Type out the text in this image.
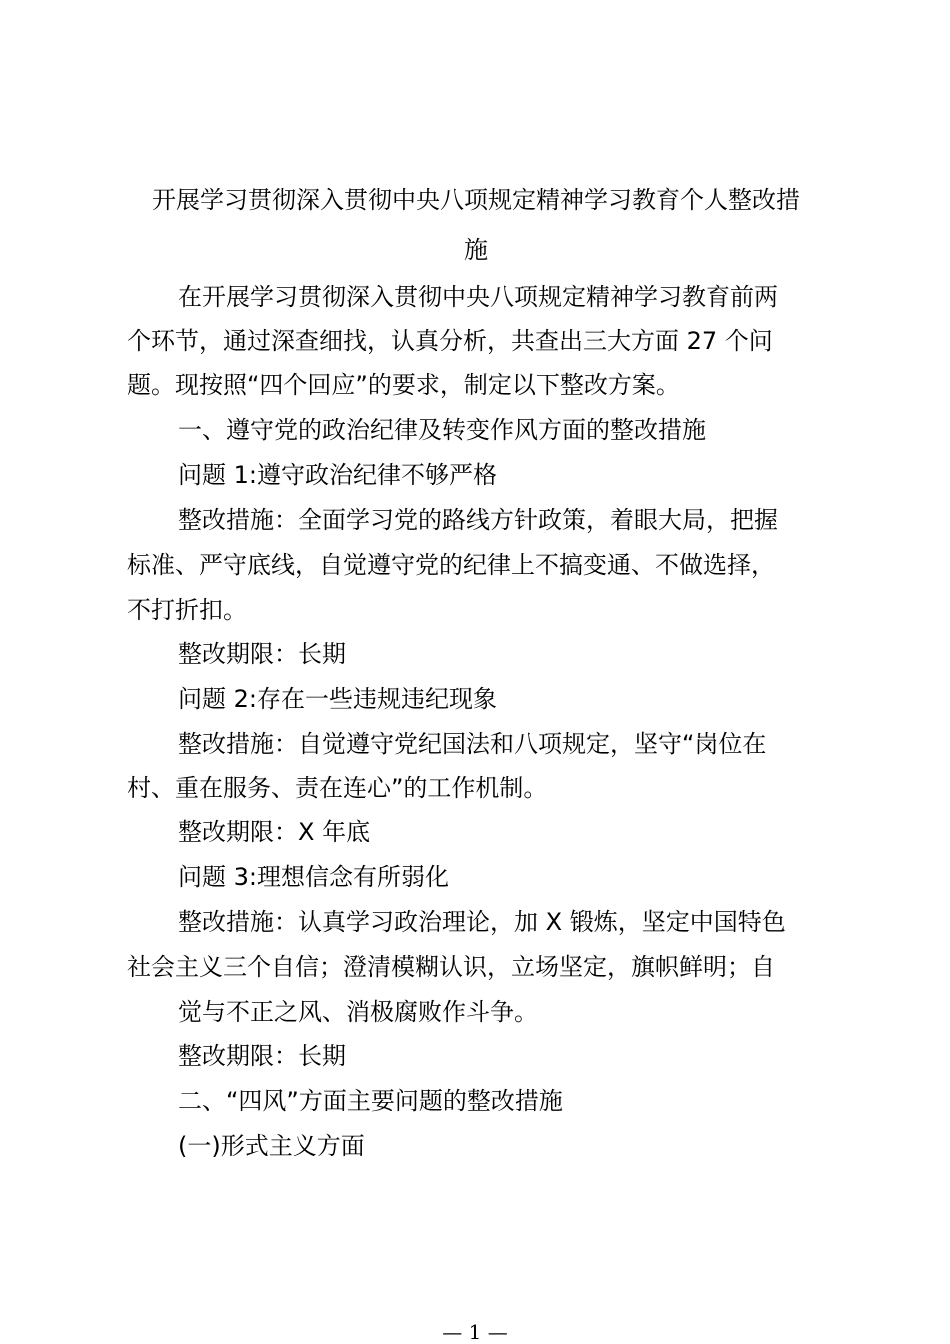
开展学习贯彻深入贯彻中央八项规定精神学习教育个人整改措
施
在开展学习贯彻深入贯彻中央八项规定精神学习教育前两
个环节，通过深查细找，认真分析，共查出三大方面 27 个问
题。现按照“四个回应”的要求，制定以下整改方案。
一、遵守党的政治纪律及转变作风方面的整改措施
问题 1:遵守政治纪律不够严格
整改措施：全面学习党的路线方针政策，着眼大局，把握
标准、严守底线，自觉遵守党的纪律上不搞变通、不做选择，
不打折扣。
整改期限：长期
问题 2:存在一些违规违纪现象
整改措施：自觉遵守党纪国法和八项规定，坚守“岗位在
村、重在服务、责在连心”的工作机制。
整改期限：X 年底
问题 3:理想信念有所弱化
整改措施：认真学习政治理论，加 X 锻炼，坚定中国特色
社会主义三个自信；澄清模糊认识，立场坚定，旗帜鲜明；自
觉与不正之风、消极腐败作斗争。
整改期限：长期
二、“四风”方面主要问题的整改措施
(一)形式主义方面
— 1 —
